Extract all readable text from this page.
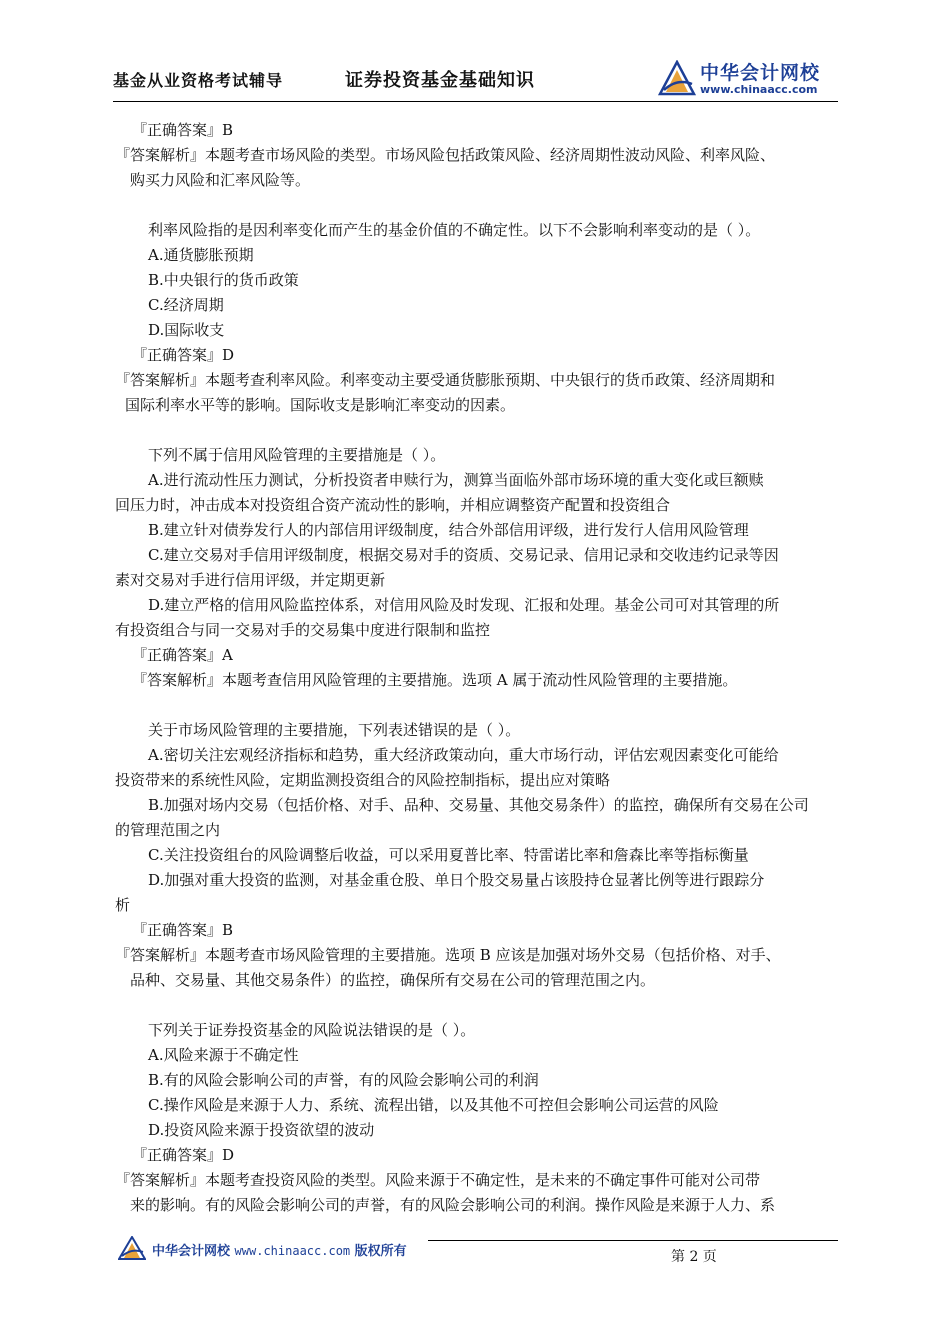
基金从业资格考试辅导	证券投资基金基础知识	中华会计网校
www.chinaacc.com
『正确答案』B
『答案解析』本题考查市场风险的类型。市场风险包括政策风险、经济周期性波动风险、利率风险、
购买力风险和汇率风险等。
利率风险指的是因利率变化而产生的基金价值的不确定性。以下不会影响利率变动的是（ ）。
A.通货膨胀预期
B.中央银行的货币政策
C.经济周期
D.国际收支
『正确答案』D
『答案解析』本题考查利率风险。利率变动主要受通货膨胀预期、中央银行的货币政策、经济周期和
国际利率水平等的影响。国际收支是影响汇率变动的因素。
下列不属于信用风险管理的主要措施是（ ）。
A.进行流动性压力测试，分析投资者申赎行为，测算当面临外部市场环境的重大变化或巨额赎
回压力时，冲击成本对投资组合资产流动性的影响，并相应调整资产配置和投资组合
B.建立针对债券发行人的内部信用评级制度，结合外部信用评级，进行发行人信用风险管理
C.建立交易对手信用评级制度，根据交易对手的资质、交易记录、信用记录和交收违约记录等因
素对交易对手进行信用评级，并定期更新
D.建立严格的信用风险监控体系，对信用风险及时发现、汇报和处理。基金公司可对其管理的所
有投资组合与同一交易对手的交易集中度进行限制和监控
『正确答案』A
『答案解析』本题考查信用风险管理的主要措施。选项 A 属于流动性风险管理的主要措施。
关于市场风险管理的主要措施，下列表述错误的是（ ）。
A.密切关注宏观经济指标和趋势，重大经济政策动向，重大市场行动，评估宏观因素变化可能给
投资带来的系统性风险，定期监测投资组合的风险控制指标，提出应对策略
B.加强对场内交易（包括价格、对手、品种、交易量、其他交易条件）的监控，确保所有交易在公司
的管理范围之内
C.关注投资组台的风险调整后收益，可以采用夏普比率、特雷诺比率和詹森比率等指标衡量
D.加强对重大投资的监测，对基金重仓股、单日个股交易量占该股持仓显著比例等进行跟踪分
析
『正确答案』B
『答案解析』本题考查市场风险管理的主要措施。选项 B 应该是加强对场外交易（包括价格、对手、
品种、交易量、其他交易条件）的监控，确保所有交易在公司的管理范围之内。
下列关于证券投资基金的风险说法错误的是（ ）。
A.风险来源于不确定性
B.有的风险会影响公司的声誉，有的风险会影响公司的利润
C.操作风险是来源于人力、系统、流程出错，以及其他不可控但会影响公司运营的风险
D.投资风险来源于投资欲望的波动
『正确答案』D
『答案解析』本题考查投资风险的类型。风险来源于不确定性，是未来的不确定事件可能对公司带
来的影响。有的风险会影响公司的声誉，有的风险会影响公司的利润。操作风险是来源于人力、系
中华会计网校 www.chinaacc.com 版权所有	第 2 页
